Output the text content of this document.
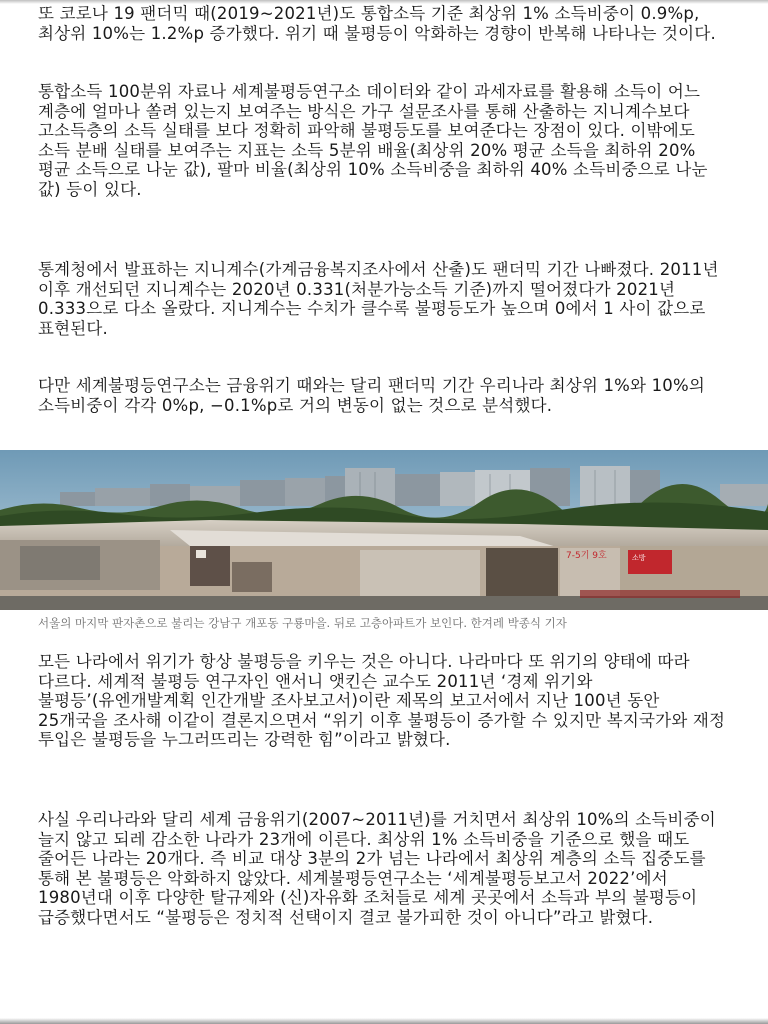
또 코로나 19 팬더믹 때(2019~2021년)도 통합소득 기준 최상위 1% 소득비중이 0.9%p, 최상위 10%는 1.2%p 증가했다. 위기 때 불평등이 악화하는 경향이 반복해 나타나는 것이다.

통합소득 100분위 자료나 세계불평등연구소 데이터와 같이 과세자료를 활용해 소득이 어느 계층에 얼마나 쏠려 있는지 보여주는 방식은 가구 설문조사를 통해 산출하는 지니계수보다 고소득층의 소득 실태를 보다 정확히 파악해 불평등도를 보여준다는 장점이 있다. 이밖에도 소득 분배 실태를 보여주는 지표는 소득 5분위 배율(최상위 20% 평균 소득을 최하위 20% 평균 소득으로 나눈 값), 팔마 비율(최상위 10% 소득비중을 최하위 40% 소득비중으로 나눈 값) 등이 있다.

통계청에서 발표하는 지니계수(가계금융복지조사에서 산출)도 팬더믹 기간 나빠졌다. 2011년 이후 개선되던 지니계수는 2020년 0.331(처분가능소득 기준)까지 떨어졌다가 2021년 0.333으로 다소 올랐다. 지니계수는 수치가 클수록 불평등도가 높으며 0에서 1 사이 값으로 표현된다.

다만 세계불평등연구소는 금융위기 때와는 달리 팬더믹 기간 우리나라 최상위 1%와 10%의 소득비중이 각각 0%p, −0.1%p로 거의 변동이 없는 것으로 분석했다.

소방
7-5기 9호

서울의 마지막 판자촌으로 불리는 강남구 개포동 구룡마을. 뒤로 고층아파트가 보인다. 한겨레 박종식 기자

모든 나라에서 위기가 항상 불평등을 키우는 것은 아니다. 나라마다 또 위기의 양태에 따라 다르다. 세계적 불평등 연구자인 앤서니 앳킨슨 교수도 2011년 ‘경제 위기와 불평등’(유엔개발계획 인간개발 조사보고서)이란 제목의 보고서에서 지난 100년 동안 25개국을 조사해 이같이 결론지으면서 “위기 이후 불평등이 증가할 수 있지만 복지국가와 재정 투입은 불평등을 누그러뜨리는 강력한 힘”이라고 밝혔다.

사실 우리나라와 달리 세계 금융위기(2007~2011년)를 거치면서 최상위 10%의 소득비중이 늘지 않고 되레 감소한 나라가 23개에 이른다. 최상위 1% 소득비중을 기준으로 했을 때도 줄어든 나라는 20개다. 즉 비교 대상 3분의 2가 넘는 나라에서 최상위 계층의 소득 집중도를 통해 본 불평등은 악화하지 않았다. 세계불평등연구소는 ‘세계불평등보고서 2022’에서 1980년대 이후 다양한 탈규제와 (신)자유화 조처들로 세계 곳곳에서 소득과 부의 불평등이 급증했다면서도 “불평등은 정치적 선택이지 결코 불가피한 것이 아니다”라고 밝혔다.
